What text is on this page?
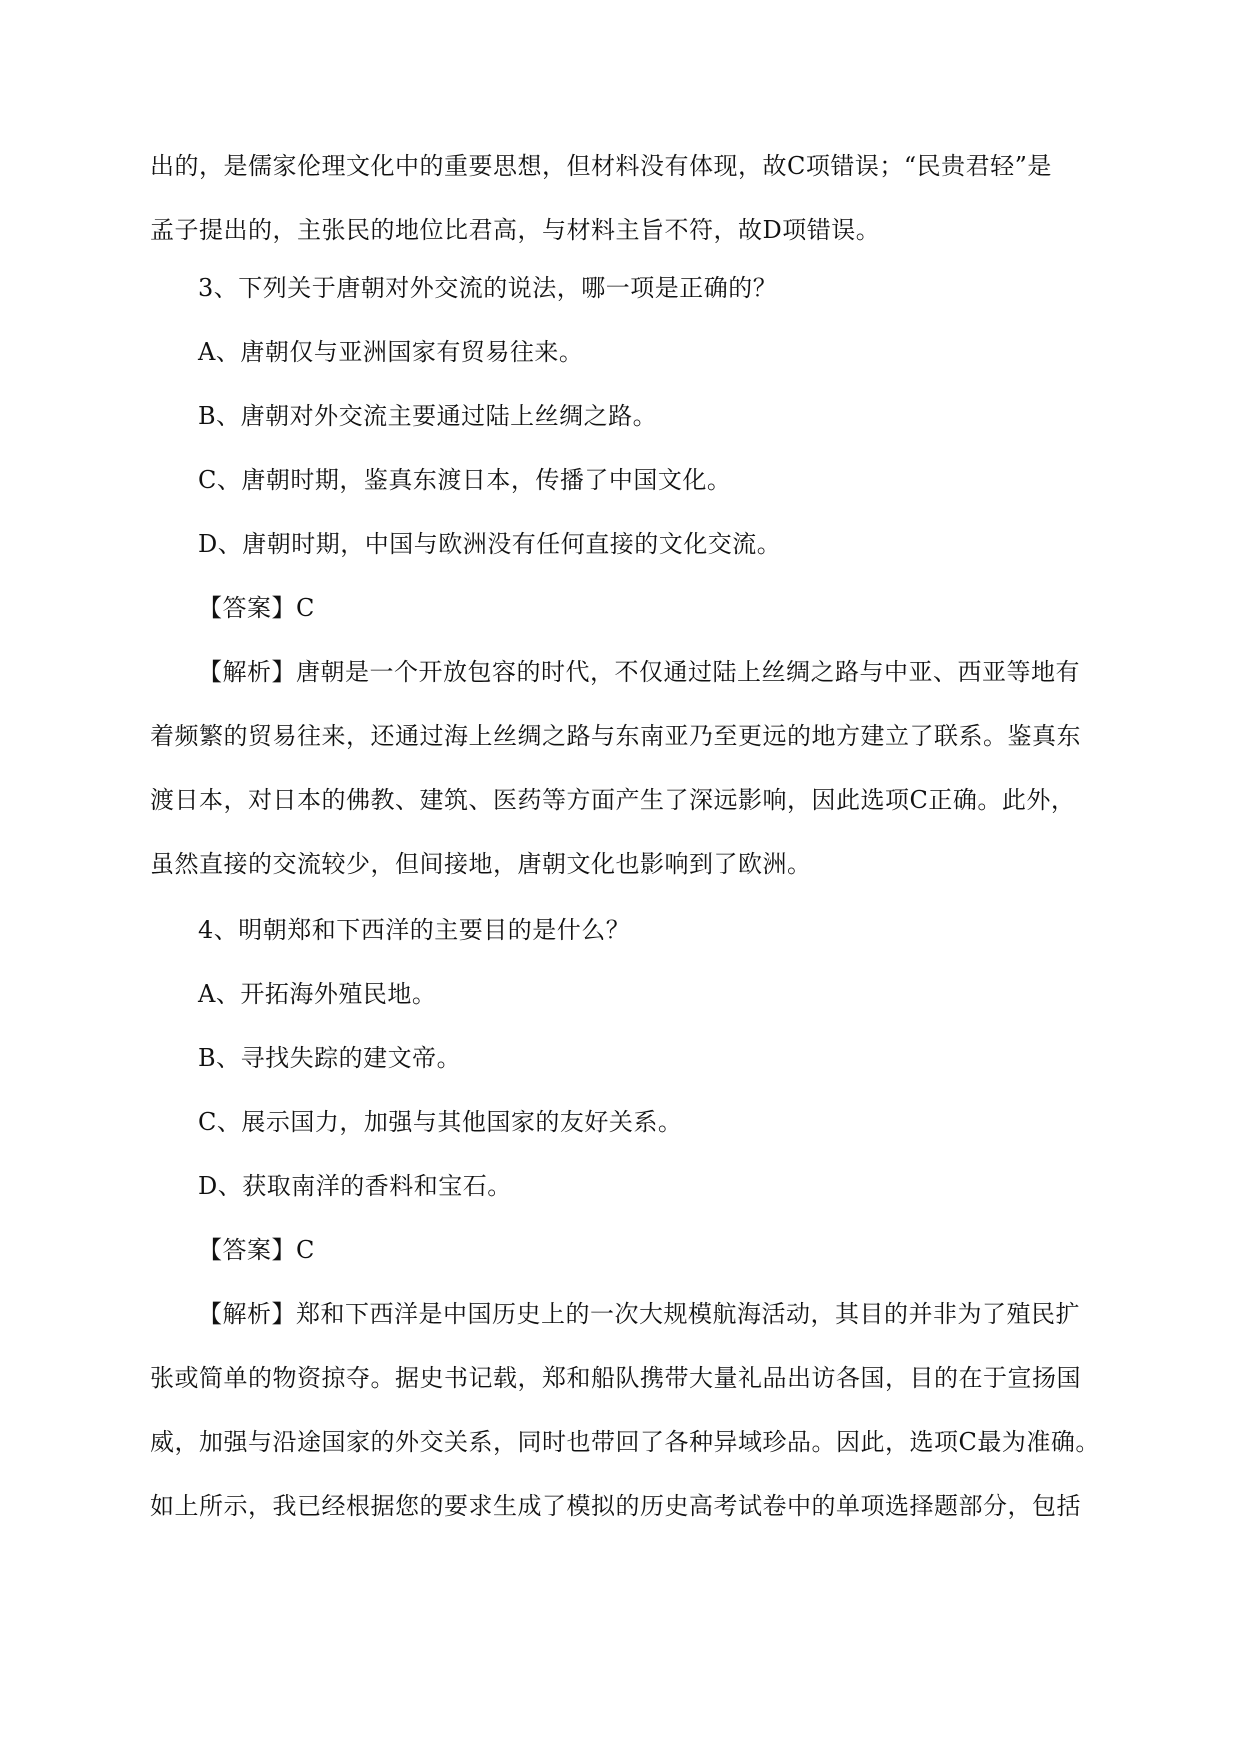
出的，是儒家伦理文化中的重要思想，但材料没有体现，故C项错误；“民贵君轻”是
孟子提出的，主张民的地位比君高，与材料主旨不符，故D项错误。
3、下列关于唐朝对外交流的说法，哪一项是正确的？
A、唐朝仅与亚洲国家有贸易往来。
B、唐朝对外交流主要通过陆上丝绸之路。
C、唐朝时期，鉴真东渡日本，传播了中国文化。
D、唐朝时期，中国与欧洲没有任何直接的文化交流。
【答案】C
【解析】唐朝是一个开放包容的时代，不仅通过陆上丝绸之路与中亚、西亚等地有
着频繁的贸易往来，还通过海上丝绸之路与东南亚乃至更远的地方建立了联系。鉴真东
渡日本，对日本的佛教、建筑、医药等方面产生了深远影响，因此选项C正确。此外，
虽然直接的交流较少，但间接地，唐朝文化也影响到了欧洲。
4、明朝郑和下西洋的主要目的是什么？
A、开拓海外殖民地。
B、寻找失踪的建文帝。
C、展示国力，加强与其他国家的友好关系。
D、获取南洋的香料和宝石。
【答案】C
【解析】郑和下西洋是中国历史上的一次大规模航海活动，其目的并非为了殖民扩
张或简单的物资掠夺。据史书记载，郑和船队携带大量礼品出访各国，目的在于宣扬国
威，加强与沿途国家的外交关系，同时也带回了各种异域珍品。因此，选项C最为准确。
如上所示，我已经根据您的要求生成了模拟的历史高考试卷中的单项选择题部分，包括
